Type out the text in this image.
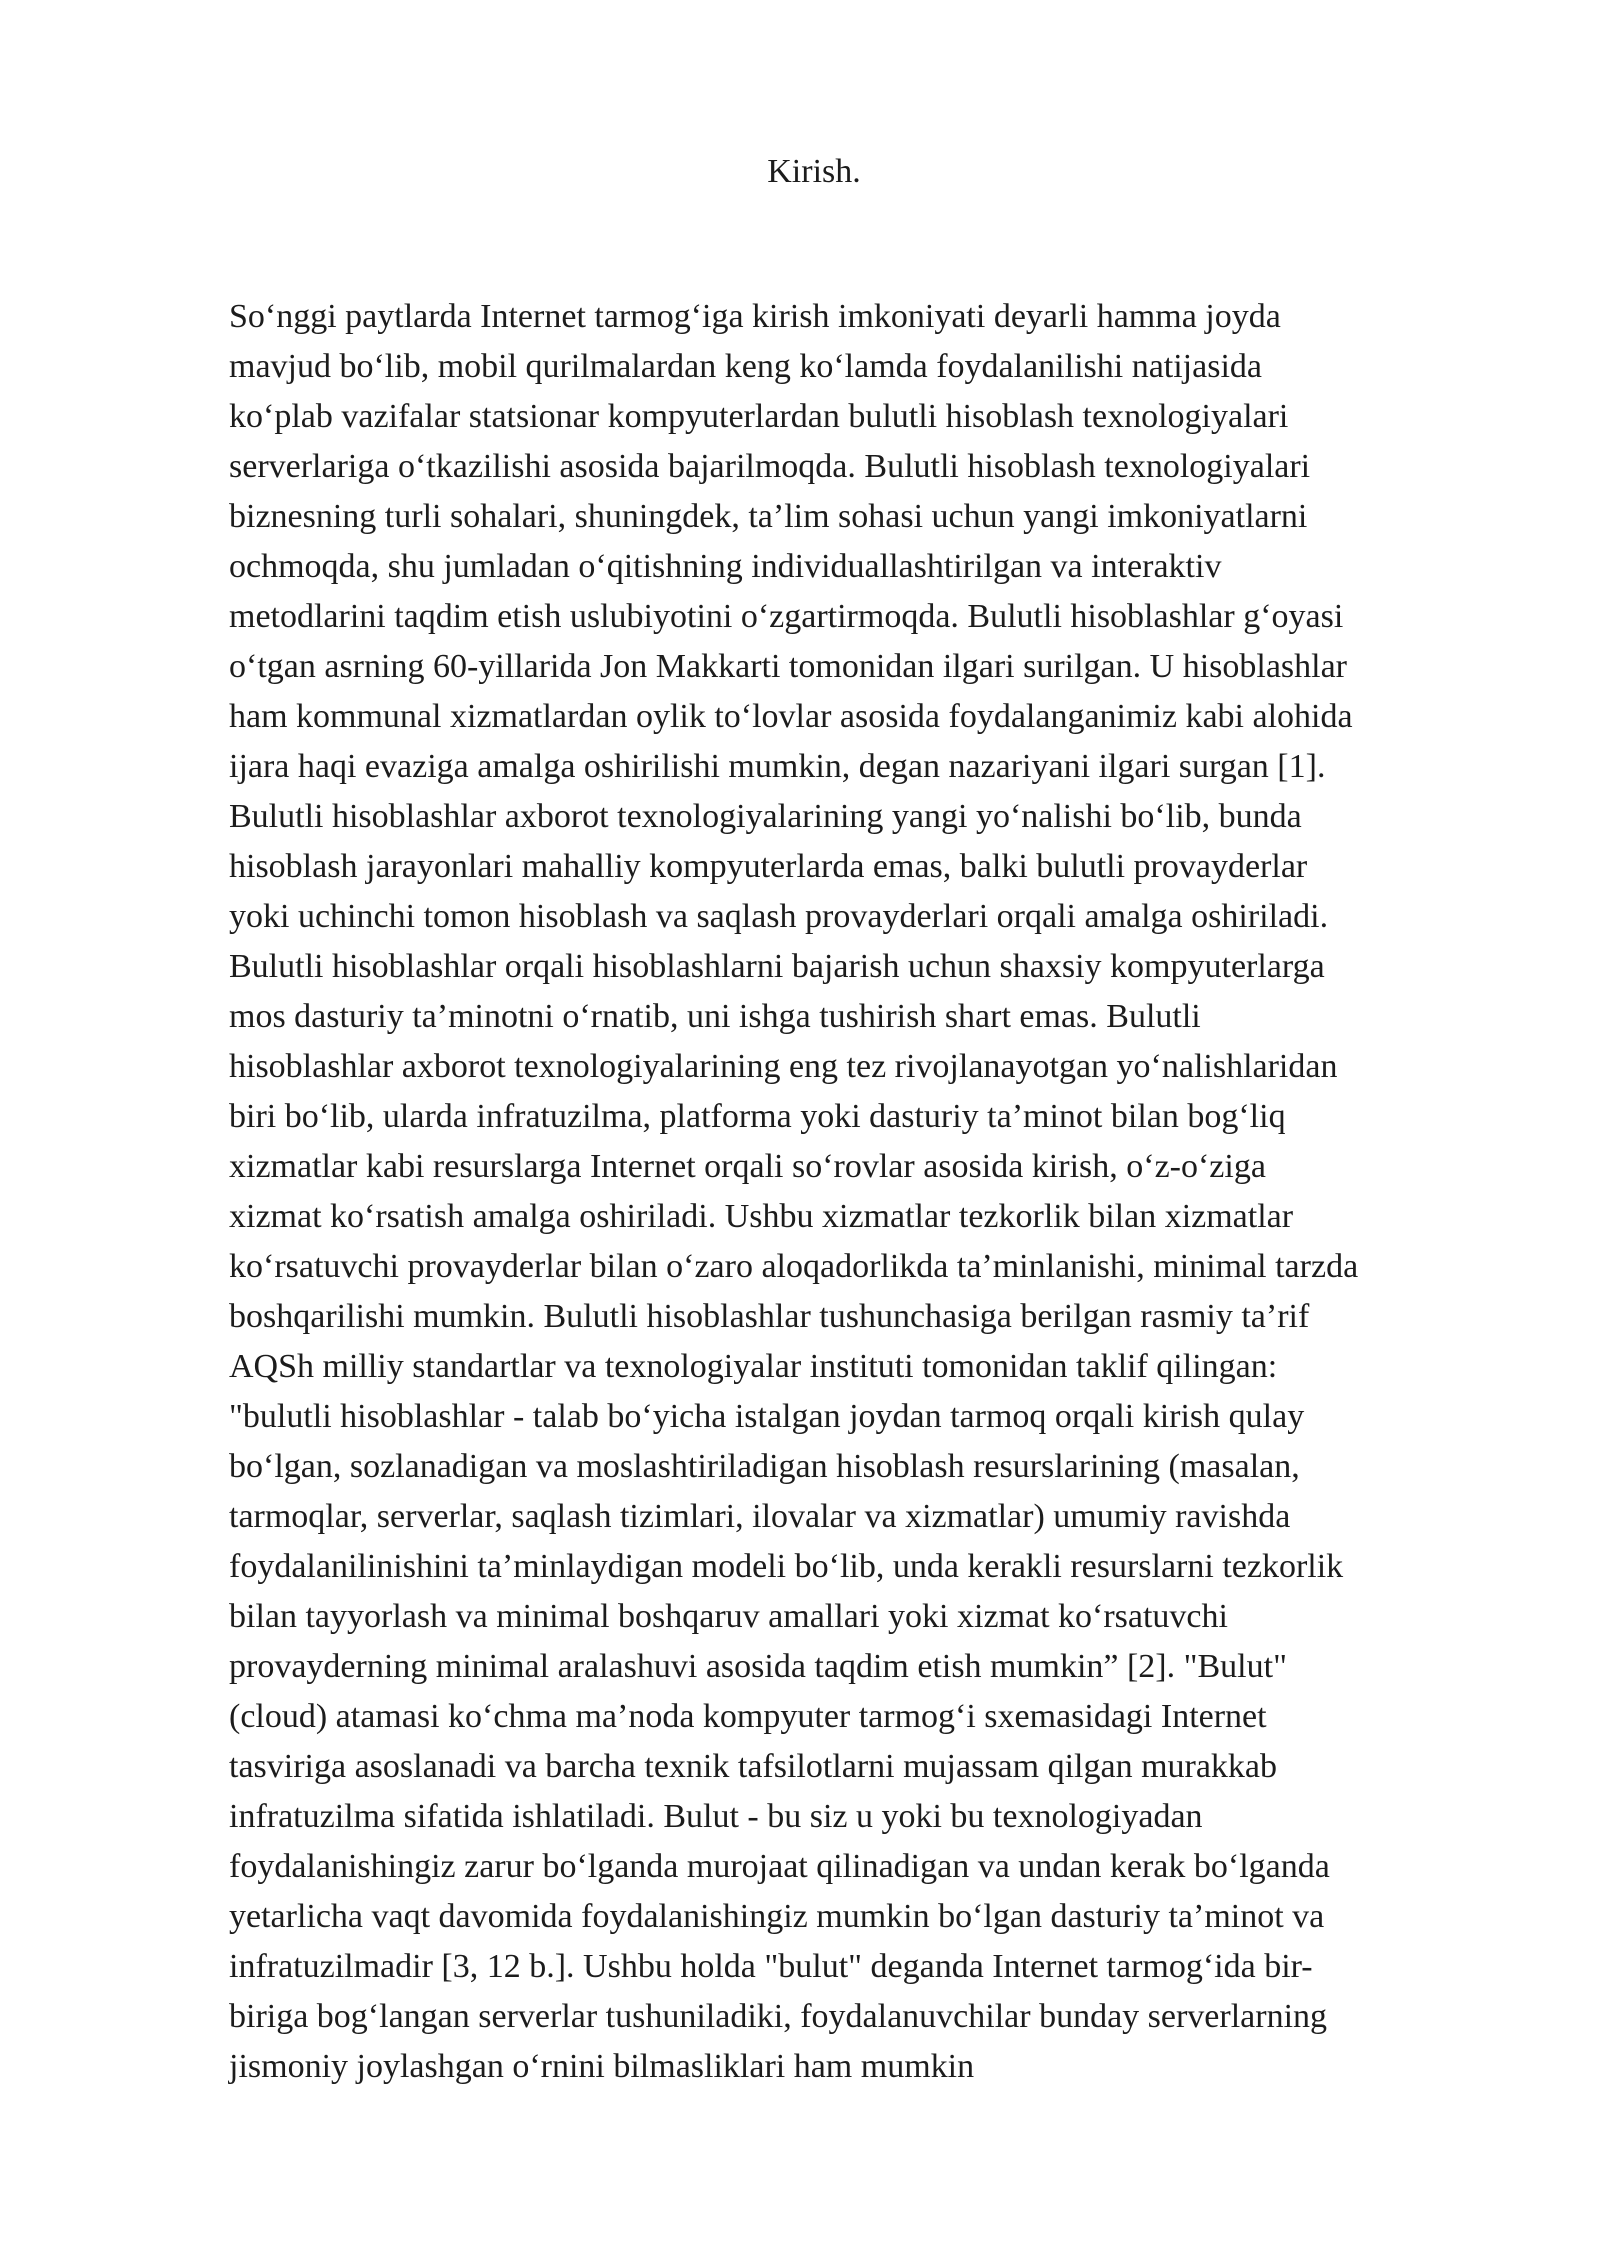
Kirish.
So‘nggi paytlarda Internet tarmog‘iga kirish imkoniyati deyarli hamma joyda
mavjud bo‘lib, mobil qurilmalardan keng ko‘lamda foydalanilishi natijasida
ko‘plab vazifalar statsionar kompyuterlardan bulutli hisoblash texnologiyalari
serverlariga o‘tkazilishi asosida bajarilmoqda. Bulutli hisoblash texnologiyalari
biznesning turli sohalari, shuningdek, ta’lim sohasi uchun yangi imkoniyatlarni
ochmoqda, shu jumladan o‘qitishning individuallashtirilgan va interaktiv
metodlarini taqdim etish uslubiyotini o‘zgartirmoqda. Bulutli hisoblashlar g‘oyasi
o‘tgan asrning 60-yillarida Jon Makkarti tomonidan ilgari surilgan. U hisoblashlar
ham kommunal xizmatlardan oylik to‘lovlar asosida foydalanganimiz kabi alohida
ijara haqi evaziga amalga oshirilishi mumkin, degan nazariyani ilgari surgan [1].
Bulutli hisoblashlar axborot texnologiyalarining yangi yo‘nalishi bo‘lib, bunda
hisoblash jarayonlari mahalliy kompyuterlarda emas, balki bulutli provayderlar
yoki uchinchi tomon hisoblash va saqlash provayderlari orqali amalga oshiriladi.
Bulutli hisoblashlar orqali hisoblashlarni bajarish uchun shaxsiy kompyuterlarga
mos dasturiy ta’minotni o‘rnatib, uni ishga tushirish shart emas. Bulutli
hisoblashlar axborot texnologiyalarining eng tez rivojlanayotgan yo‘nalishlaridan
biri bo‘lib, ularda infratuzilma, platforma yoki dasturiy ta’minot bilan bog‘liq
xizmatlar kabi resurslarga Internet orqali so‘rovlar asosida kirish, o‘z-o‘ziga
xizmat ko‘rsatish amalga oshiriladi. Ushbu xizmatlar tezkorlik bilan xizmatlar
ko‘rsatuvchi provayderlar bilan o‘zaro aloqadorlikda ta’minlanishi, minimal tarzda
boshqarilishi mumkin. Bulutli hisoblashlar tushunchasiga berilgan rasmiy ta’rif
AQSh milliy standartlar va texnologiyalar instituti tomonidan taklif qilingan:
"bulutli hisoblashlar - talab bo‘yicha istalgan joydan tarmoq orqali kirish qulay
bo‘lgan, sozlanadigan va moslashtiriladigan hisoblash resurslarining (masalan,
tarmoqlar, serverlar, saqlash tizimlari, ilovalar va xizmatlar) umumiy ravishda
foydalanilinishini ta’minlaydigan modeli bo‘lib, unda kerakli resurslarni tezkorlik
bilan tayyorlash va minimal boshqaruv amallari yoki xizmat ko‘rsatuvchi
provayderning minimal aralashuvi asosida taqdim etish mumkin” [2]. "Bulut"
(cloud) atamasi ko‘chma ma’noda kompyuter tarmog‘i sxemasidagi Internet
tasviriga asoslanadi va barcha texnik tafsilotlarni mujassam qilgan murakkab
infratuzilma sifatida ishlatiladi. Bulut - bu siz u yoki bu texnologiyadan
foydalanishingiz zarur bo‘lganda murojaat qilinadigan va undan kerak bo‘lganda
yetarlicha vaqt davomida foydalanishingiz mumkin bo‘lgan dasturiy ta’minot va
infratuzilmadir [3, 12 b.]. Ushbu holda "bulut" deganda Internet tarmog‘ida bir-
biriga bog‘langan serverlar tushuniladiki, foydalanuvchilar bunday serverlarning
jismoniy joylashgan o‘rnini bilmasliklari ham mumkin
